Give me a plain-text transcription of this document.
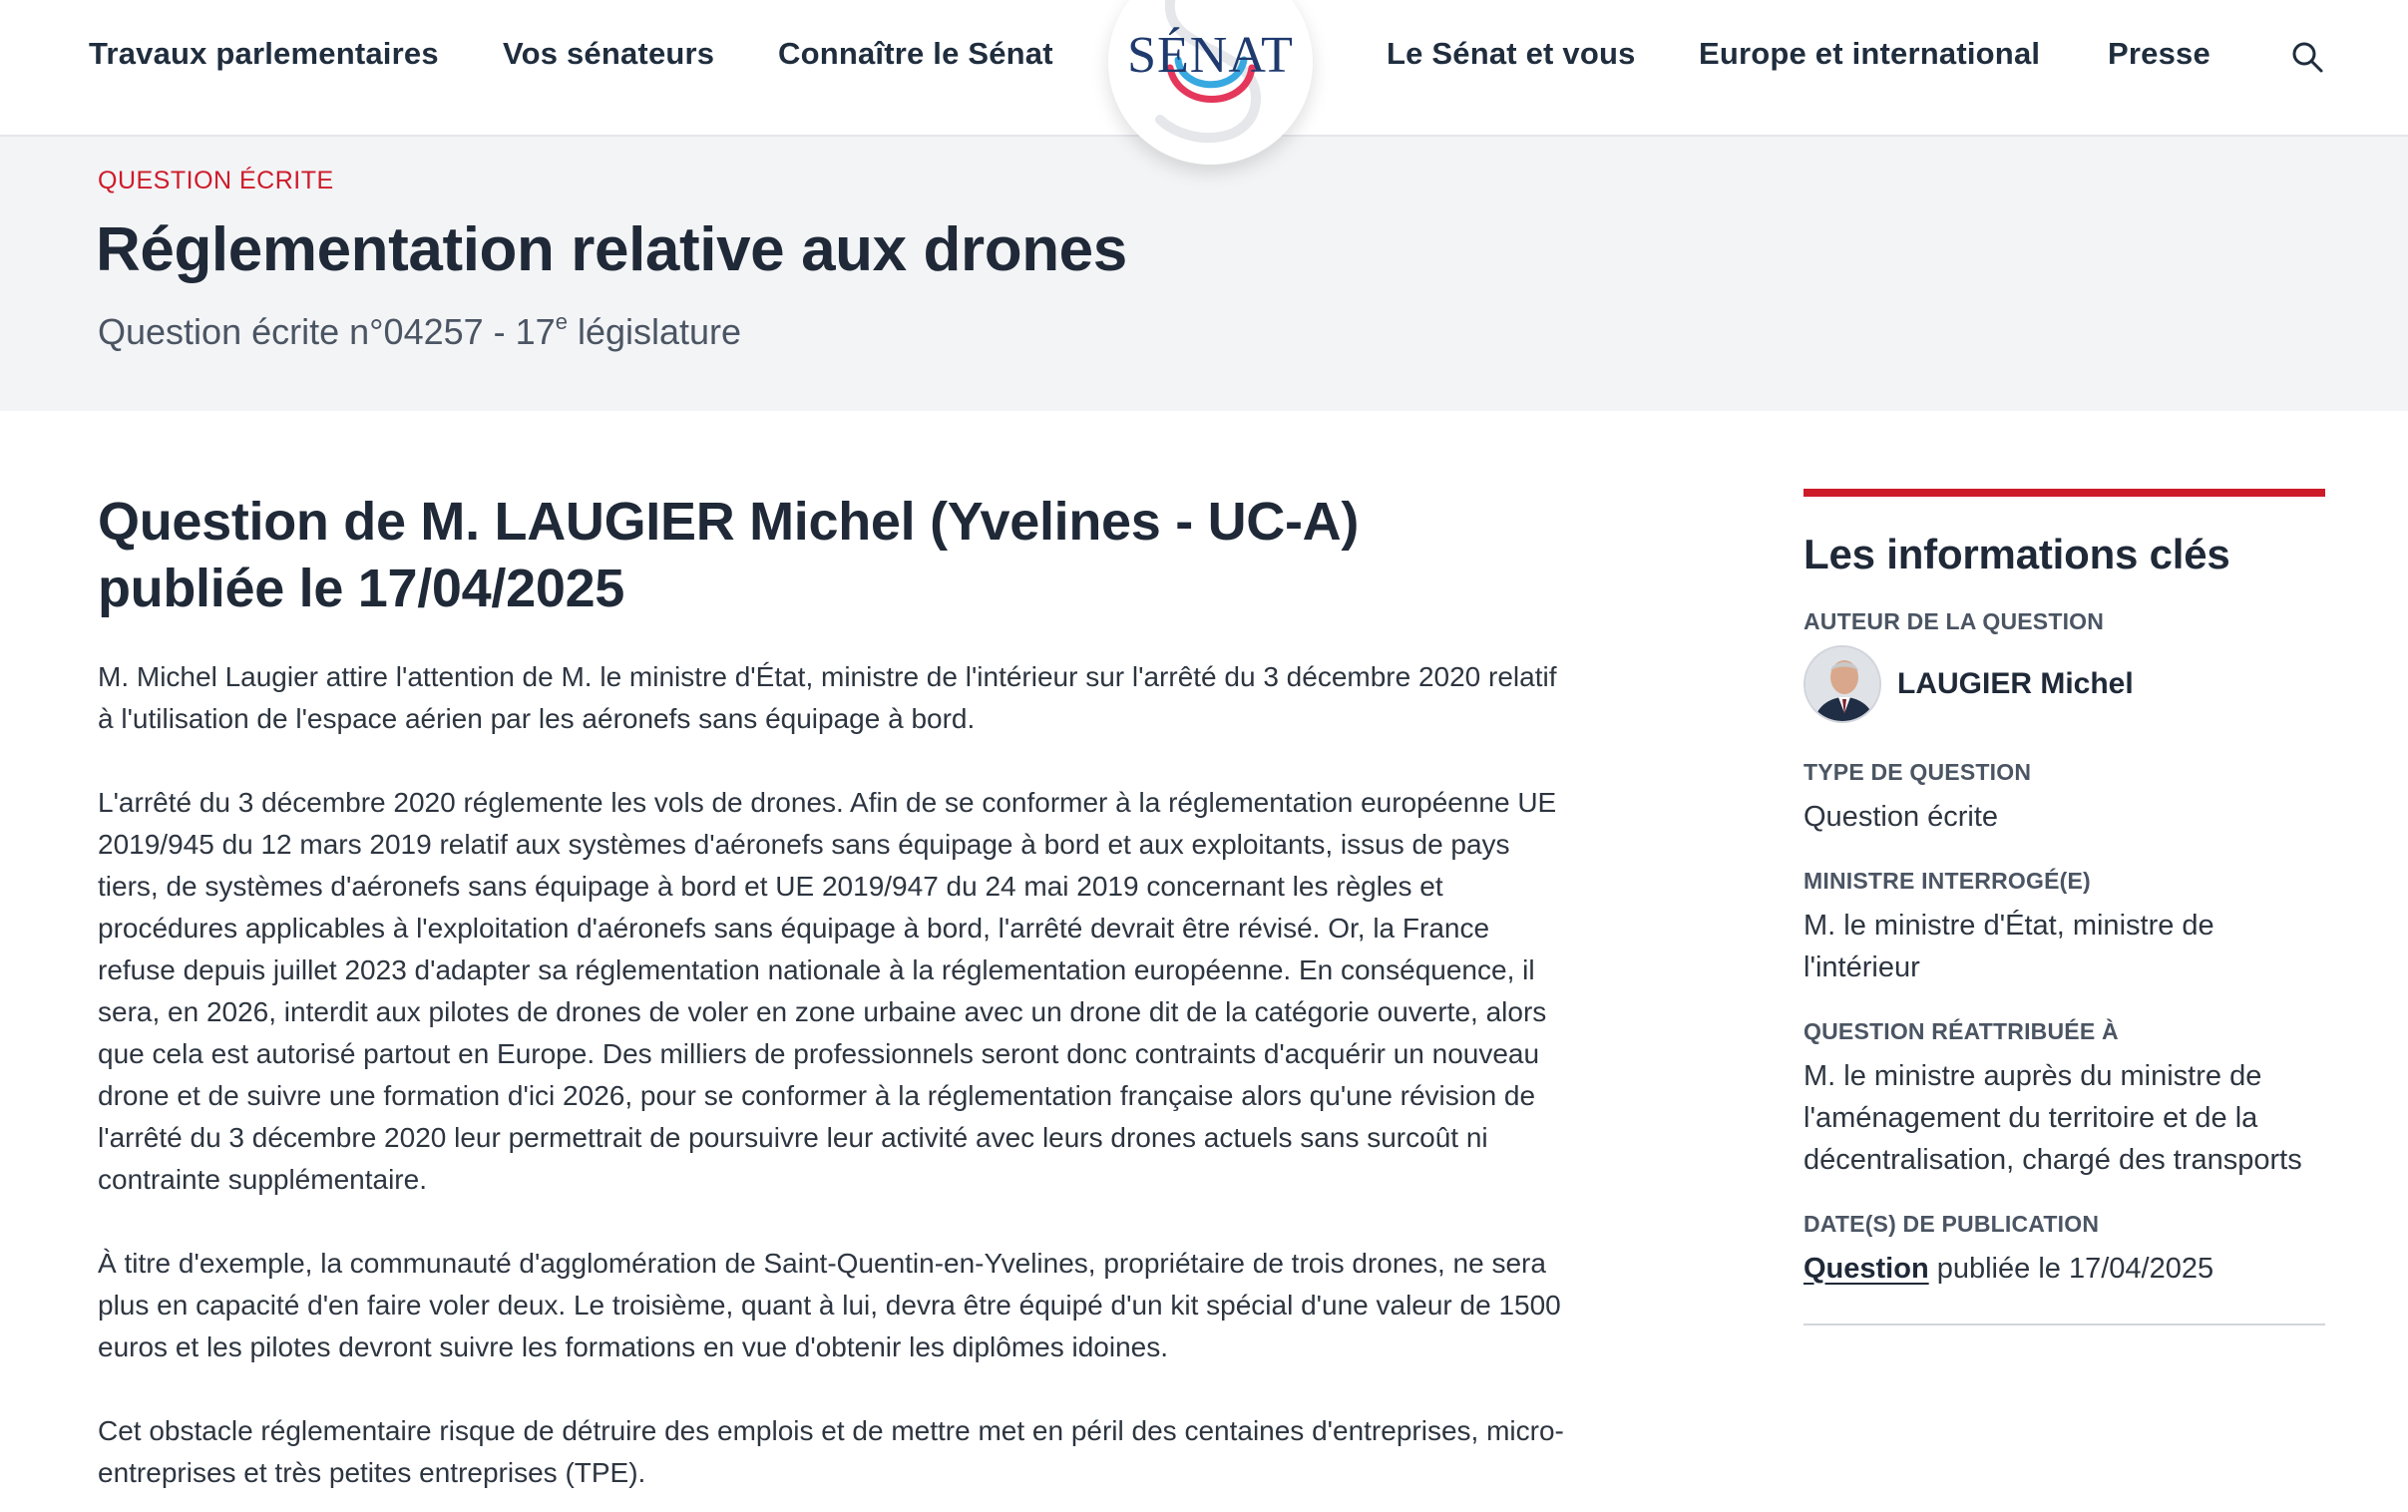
Travaux parlementaires Vos sénateurs Connaître le Sénat	SÉNAT	Le Sénat et vous Europe et international Presse
QUESTION ÉCRITE
Réglementation relative aux drones
Question écrite n°04257 - 17e législature
Question de M. LAUGIER Michel (Yvelines - UC-A)
publiée le 17/04/2025

M. Michel Laugier attire l'attention de M. le ministre d'État, ministre de l'intérieur sur l'arrêté du 3 décembre 2020 relatif à l'utilisation de l'espace aérien par les aéronefs sans équipage à bord.

L'arrêté du 3 décembre 2020 réglemente les vols de drones. Afin de se conformer à la réglementation européenne UE 2019/945 du 12 mars 2019 relatif aux systèmes d'aéronefs sans équipage à bord et aux exploitants, issus de pays tiers, de systèmes d'aéronefs sans équipage à bord et UE 2019/947 du 24 mai 2019 concernant les règles et procédures applicables à l'exploitation d'aéronefs sans équipage à bord, l'arrêté devrait être révisé. Or, la France refuse depuis juillet 2023 d'adapter sa réglementation nationale à la réglementation européenne. En conséquence, il sera, en 2026, interdit aux pilotes de drones de voler en zone urbaine avec un drone dit de la catégorie ouverte, alors que cela est autorisé partout en Europe. Des milliers de professionnels seront donc contraints d'acquérir un nouveau drone et de suivre une formation d'ici 2026, pour se conformer à la réglementation française alors qu'une révision de l'arrêté du 3 décembre 2020 leur permettrait de poursuivre leur activité avec leurs drones actuels sans surcoût ni contrainte supplémentaire.

À titre d'exemple, la communauté d'agglomération de Saint-Quentin-en-Yvelines, propriétaire de trois drones, ne sera plus en capacité d'en faire voler deux. Le troisième, quant à lui, devra être équipé d'un kit spécial d'une valeur de 1500 euros et les pilotes devront suivre les formations en vue d'obtenir les diplômes idoines.

Cet obstacle réglementaire risque de détruire des emplois et de mettre met en péril des centaines d'entreprises, micro-entreprises et très petites entreprises (TPE).

Les informations clés
AUTEUR DE LA QUESTION
LAUGIER Michel
TYPE DE QUESTION
Question écrite
MINISTRE INTERROGÉ(E)
M. le ministre d'État, ministre de l'intérieur
QUESTION RÉATTRIBUÉE À
M. le ministre auprès du ministre de l'aménagement du territoire et de la décentralisation, chargé des transports
DATE(S) DE PUBLICATION
Question publiée le 17/04/2025
